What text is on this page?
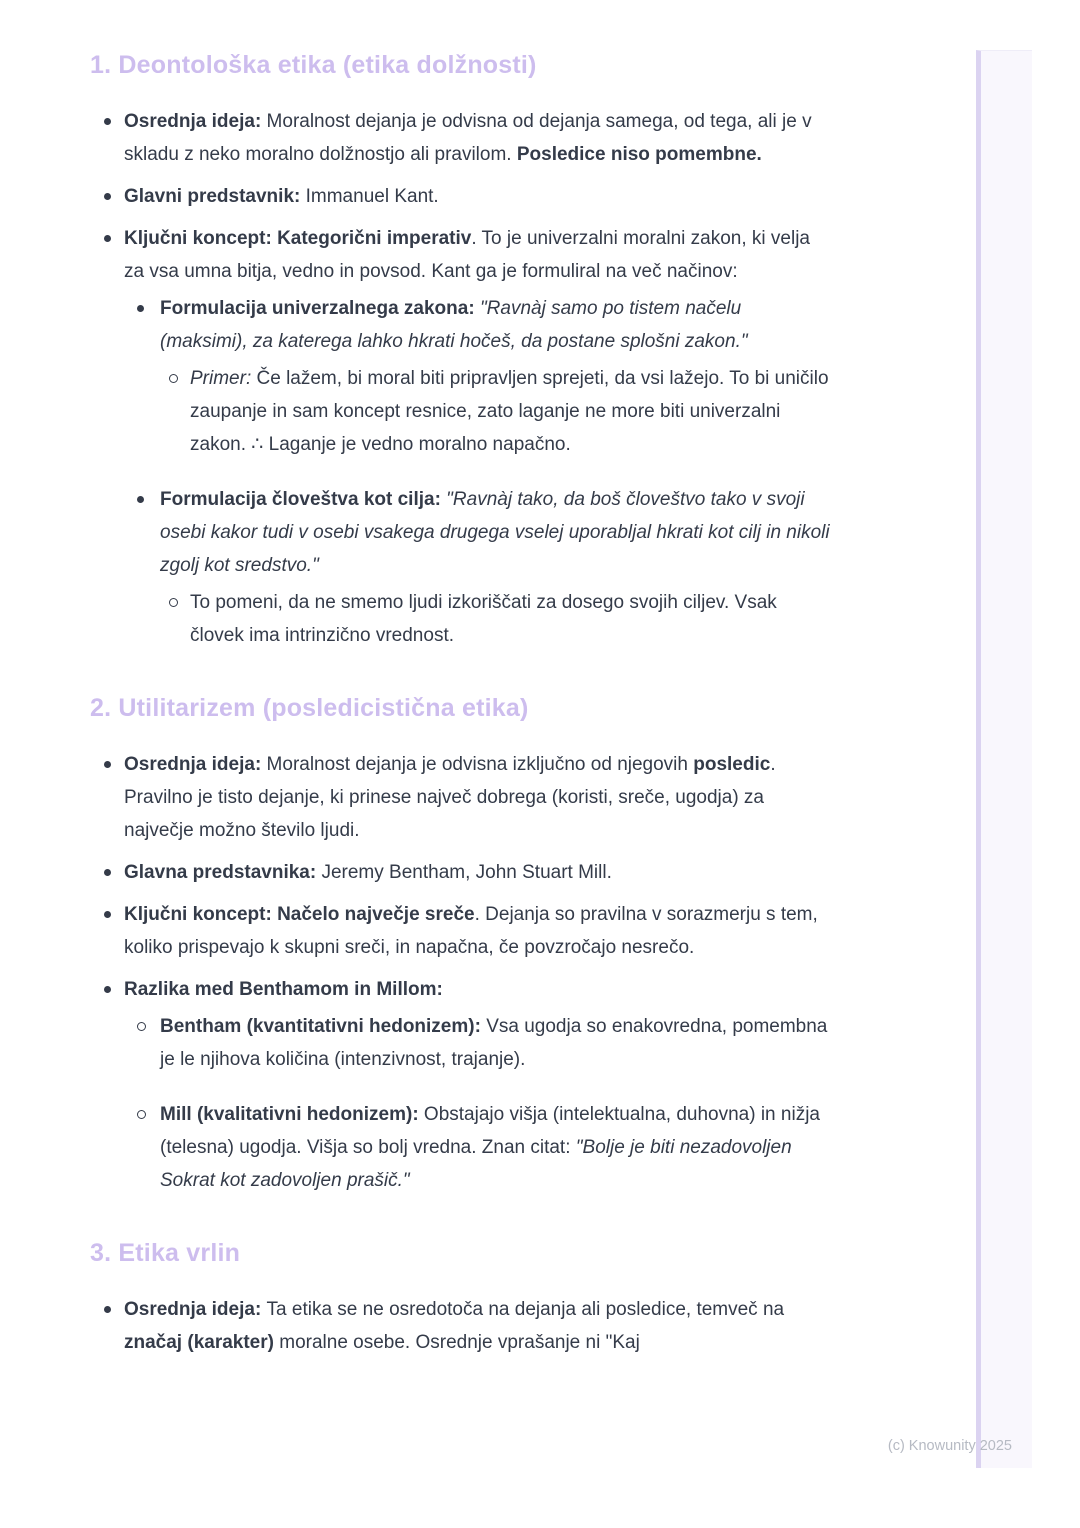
1. Deontološka etika (etika dolžnosti)
Osrednja ideja: Moralnost dejanja je odvisna od dejanja samega, od tega, ali je v skladu z neko moralno dolžnostjo ali pravilom. Posledice niso pomembne.
Glavni predstavnik: Immanuel Kant.
Ključni koncept: Kategorični imperativ. To je univerzalni moralni zakon, ki velja za vsa umna bitja, vedno in povsod. Kant ga je formuliral na več načinov:
Formulacija univerzalnega zakona: "Ravnàj samo po tistem načelu (maksimi), za katerega lahko hkrati hočeš, da postane splošni zakon."
Primer: Če lažem, bi moral biti pripravljen sprejeti, da vsi lažejo. To bi uničilo zaupanje in sam koncept resnice, zato laganje ne more biti univerzalni zakon. ∴ Laganje je vedno moralno napačno.
Formulacija človeštva kot cilja: "Ravnàj tako, da boš človeštvo tako v svoji osebi kakor tudi v osebi vsakega drugega vselej uporabljal hkrati kot cilj in nikoli zgolj kot sredstvo."
To pomeni, da ne smemo ljudi izkoriščati za dosego svojih ciljev. Vsak človek ima intrinzično vrednost.
2. Utilitarizem (posledicistična etika)
Osrednja ideja: Moralnost dejanja je odvisna izključno od njegovih posledic. Pravilno je tisto dejanje, ki prinese največ dobrega (koristi, sreče, ugodja) za največje možno število ljudi.
Glavna predstavnika: Jeremy Bentham, John Stuart Mill.
Ključni koncept: Načelo največje sreče. Dejanja so pravilna v sorazmerju s tem, koliko prispevajo k skupni sreči, in napačna, če povzročajo nesrečo.
Razlika med Benthamom in Millom:
Bentham (kvantitativni hedonizem): Vsa ugodja so enakovredna, pomembna je le njihova količina (intenzivnost, trajanje).
Mill (kvalitativni hedonizem): Obstajajo višja (intelektualna, duhovna) in nižja (telesna) ugodja. Višja so bolj vredna. Znan citat: "Bolje je biti nezadovoljen Sokrat kot zadovoljen prašič."
3. Etika vrlin
Osrednja ideja: Ta etika se ne osredotoča na dejanja ali posledice, temveč na značaj (karakter) moralne osebe. Osrednje vprašanje ni "Kaj
(c) Knowunity 2025
